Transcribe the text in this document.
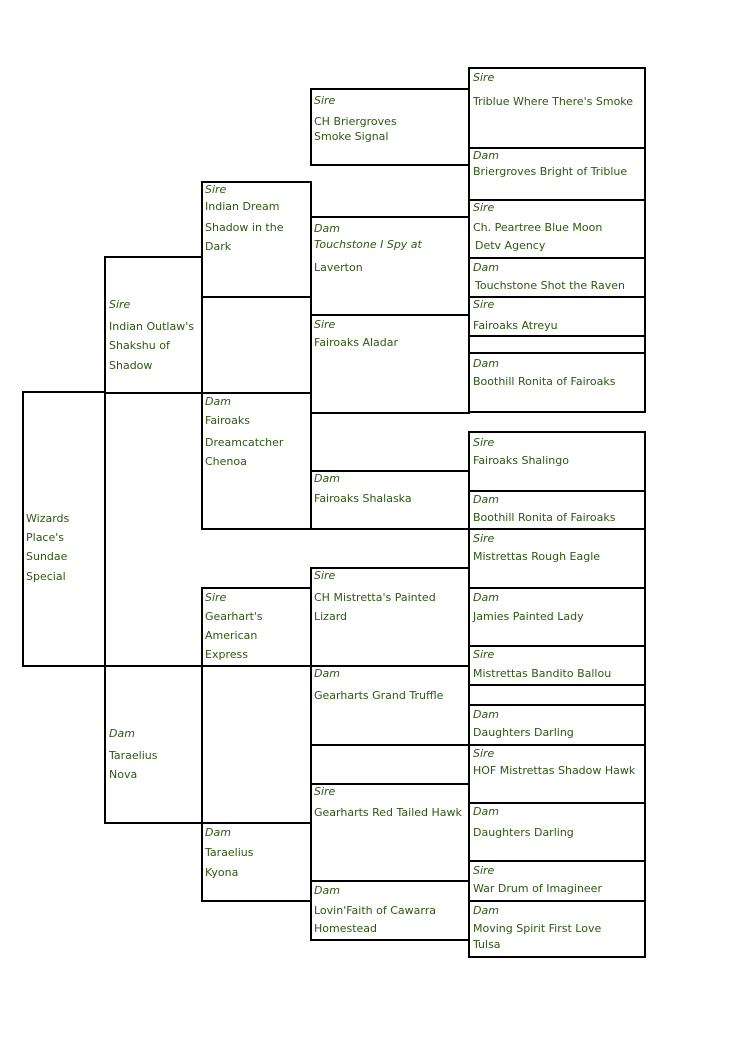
Wizards
Place's
Sundae
Special
Sire
Indian Outlaw's
Shakshu of
Shadow
Dam
Taraelius
Nova
Sire
Indian Dream
Shadow in the
Dark
Dam
Fairoaks
Dreamcatcher
Chenoa
Sire
Gearhart's
American
Express
Dam
Taraelius
Kyona
Sire
CH Briergroves
Smoke Signal
Dam
Touchstone I Spy at
Laverton
Sire
Fairoaks Aladar
Dam
Fairoaks Shalaska
Sire
CH Mistretta's Painted
Lizard
Dam
Gearharts Grand Truffle
Sire
Gearharts Red Tailed Hawk
Dam
Lovin'Faith of Cawarra
Homestead
Sire
Triblue Where There's Smoke
Dam
Briergroves Bright of Triblue
Sire
Ch. Peartree Blue Moon
Detv Agency
Dam
Touchstone Shot the Raven
Sire
Fairoaks Atreyu
Dam
Boothill Ronita of Fairoaks
Sire
Fairoaks Shalingo
Dam
Boothill Ronita of Fairoaks
Sire
Mistrettas Rough Eagle
Dam
Jamies Painted Lady
Sire
Mistrettas Bandito Ballou
Dam
Daughters Darling
Sire
HOF Mistrettas Shadow Hawk
Dam
Daughters Darling
Sire
War Drum of Imagineer
Dam
Moving Spirit First Love
Tulsa
